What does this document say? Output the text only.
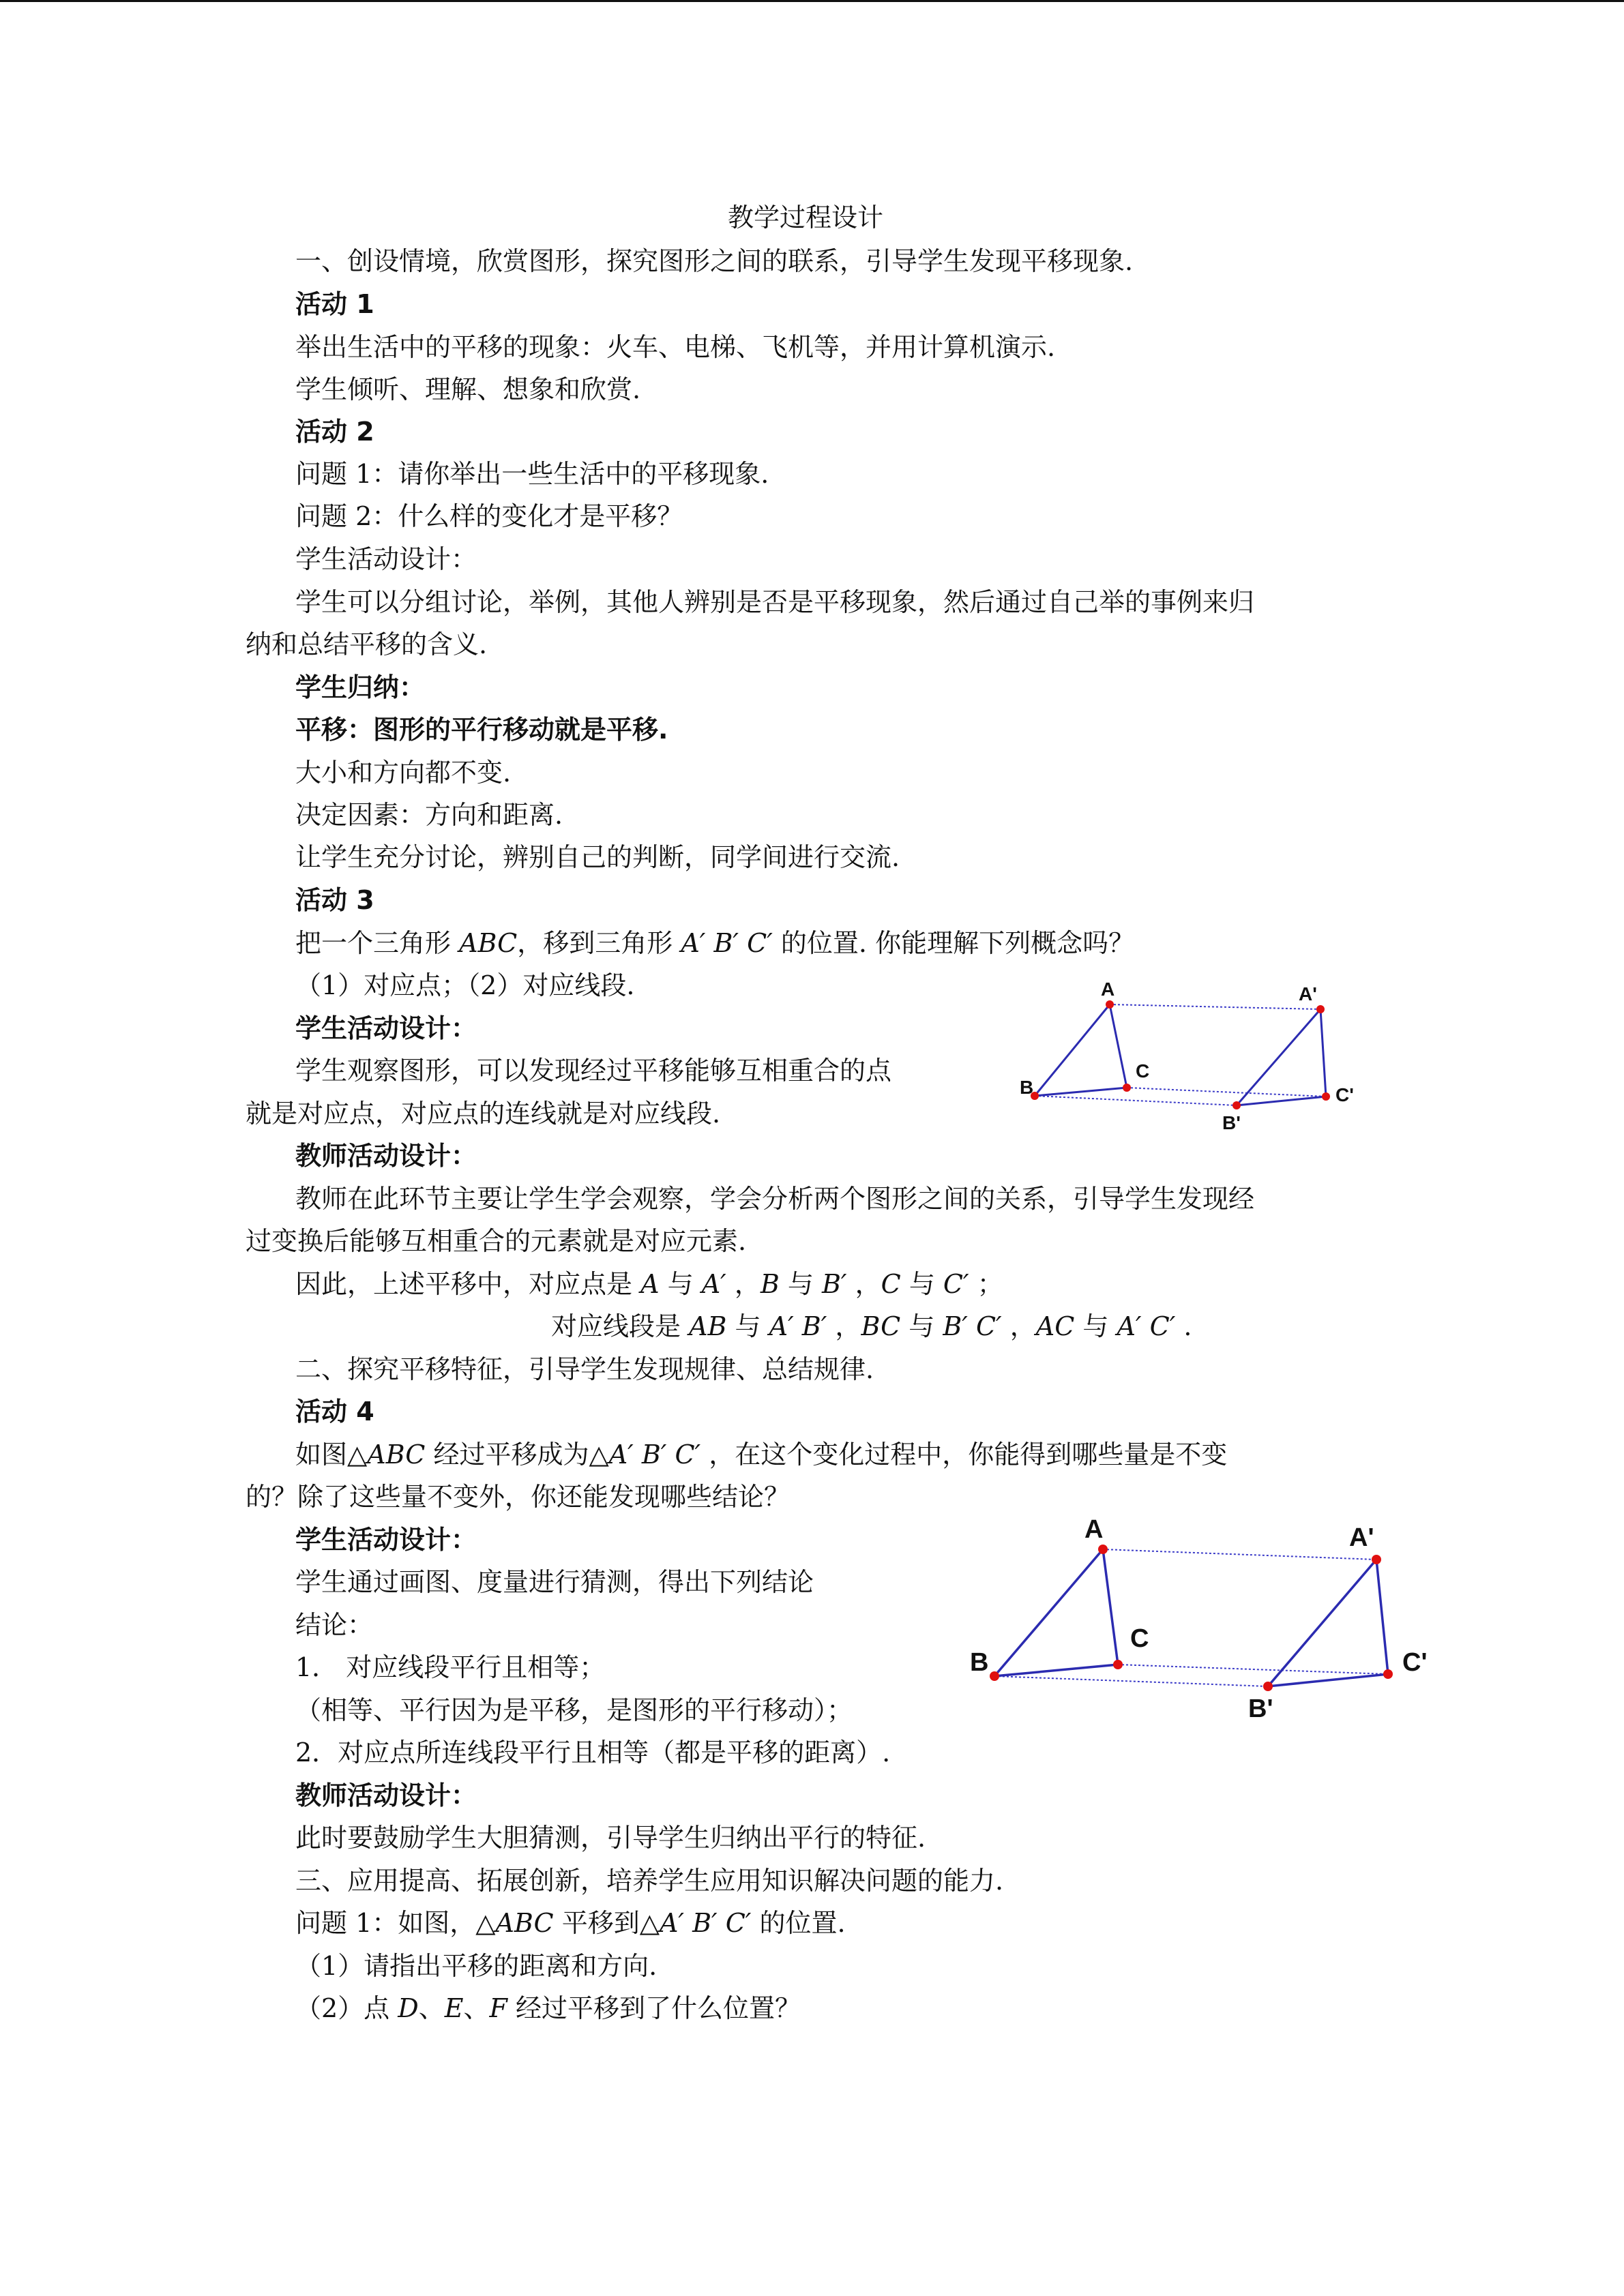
教学过程设计
一、创设情境，欣赏图形，探究图形之间的联系，引导学生发现平移现象.
活动 1
举出生活中的平移的现象：火车、电梯、飞机等，并用计算机演示.
学生倾听、理解、想象和欣赏.
活动 2
问题 1：请你举出一些生活中的平移现象.
问题 2：什么样的变化才是平移？
学生活动设计：
学生可以分组讨论，举例，其他人辨别是否是平移现象，然后通过自己举的事例来归
纳和总结平移的含义.
学生归纳：
平移：图形的平行移动就是平移.
大小和方向都不变.
决定因素：方向和距离.
让学生充分讨论，辨别自己的判断，同学间进行交流.
活动 3
把一个三角形 ABC，移到三角形 A′ B′ C′ 的位置. 你能理解下列概念吗？
（1）对应点；（2）对应线段.
学生活动设计：
学生观察图形，可以发现经过平移能够互相重合的点
就是对应点，对应点的连线就是对应线段.
A
B
C
A'
B'
C'
教师活动设计：
教师在此环节主要让学生学会观察，学会分析两个图形之间的关系，引导学生发现经
过变换后能够互相重合的元素就是对应元素.
因此，上述平移中，对应点是 A 与 A′ ，B 与 B′ ，C 与 C′ ；
对应线段是 AB 与 A′ B′ ，BC 与 B′ C′ ，AC 与 A′ C′ .
二、探究平移特征，引导学生发现规律、总结规律.
活动 4
如图△ABC 经过平移成为△A′ B′ C′ ，在这个变化过程中，你能得到哪些量是不变
的？除了这些量不变外，你还能发现哪些结论？
学生活动设计：
学生通过画图、度量进行猜测，得出下列结论
结论：
1． 对应线段平行且相等；
（相等、平行因为是平移，是图形的平行移动）；
2．对应点所连线段平行且相等（都是平移的距离）.
A
B
C
A'
B'
C'
教师活动设计：
此时要鼓励学生大胆猜测，引导学生归纳出平行的特征.
三、应用提高、拓展创新，培养学生应用知识解决问题的能力.
问题 1：如图，△ABC 平移到△A′ B′ C′ 的位置.
（1）请指出平移的距离和方向.
（2）点 D、E、F 经过平移到了什么位置？
